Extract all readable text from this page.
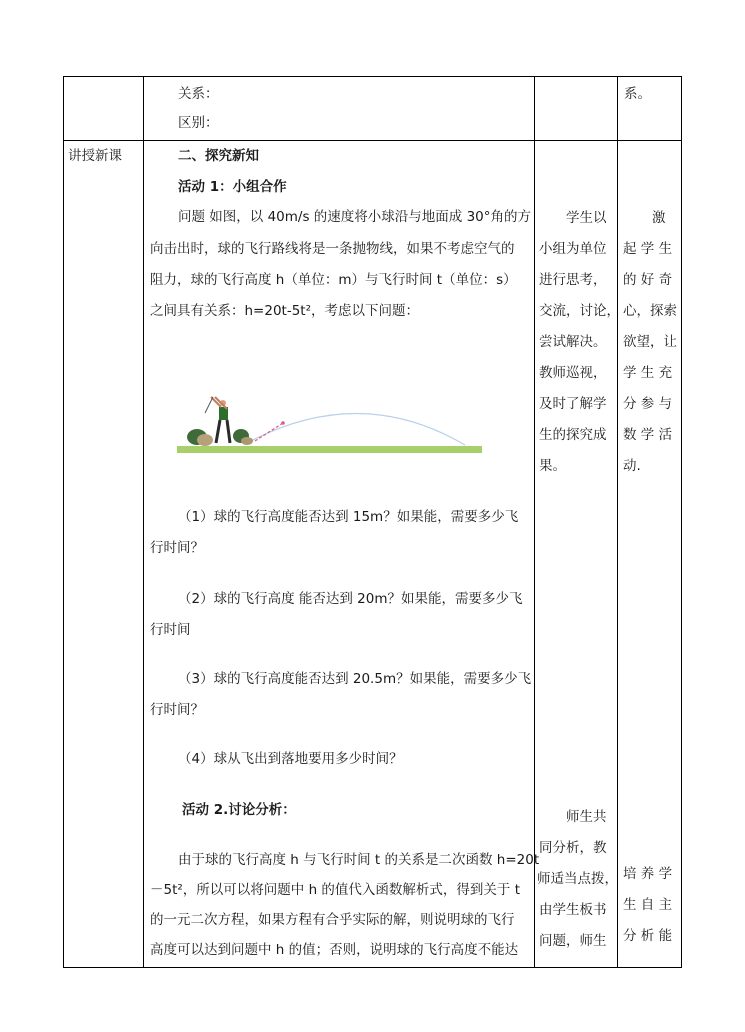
关系：
区别：
系。
讲授新课	二、探究新知
活动 1：小组合作
问题 如图，以 40m/s 的速度将小球沿与地面成 30°角的方
向击出时，球的飞行路线将是一条抛物线，如果不考虑空气的
阻力，球的飞行高度 h（单位：m）与飞行时间 t（单位：s）
之间具有关系：h=20t-5t²，考虑以下问题：
（1）球的飞行高度能否达到 15m？如果能，需要多少飞
行时间？
（2）球的飞行高度 能否达到 20m？如果能，需要多少飞
行时间
（3）球的飞行高度能否达到 20.5m？如果能，需要多少飞
行时间？
（4）球从飞出到落地要用多少时间？
活动 2.讨论分析：
由于球的飞行高度 h 与飞行时间 t 的关系是二次函数 h=20t
－5t²，所以可以将问题中 h 的值代入函数解析式，得到关于 t
的一元二次方程，如果方程有合乎实际的解，则说明球的飞行
高度可以达到问题中 h 的值；否则，说明球的飞行高度不能达
学生以
小组为单位
进行思考，
交流，讨论，
尝试解决。
教师巡视，
及时了解学
生的探究成
果。
师生共
同分析，教
师适当点拨，
由学生板书
问题，师生
激
起 学 生
的 好 奇
心，探索
欲望，让
学 生 充
分 参 与
数 学 活
动.
培 养 学
生 自 主
分 析 能
